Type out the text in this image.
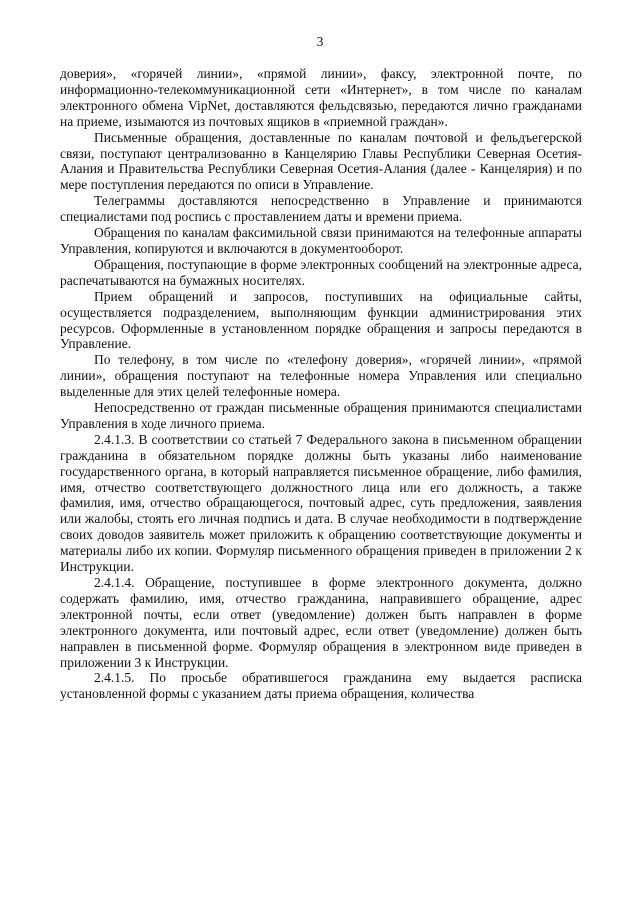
3

доверия», «горячей линии», «прямой линии», факсу, электронной почте, по информационно-телекоммуникационной сети «Интернет», в том числе по каналам электронного обмена VipNet, доставляются фельдсвязью, передаются лично гражданами на приеме, изымаются из почтовых ящиков в «приемной граждан».

Письменные обращения, доставленные по каналам почтовой и фельдъегерской связи, поступают централизованно в Канцелярию Главы Республики Северная Осетия-Алания и Правительства Республики Северная Осетия-Алания (далее - Канцелярия) и по мере поступления передаются по описи в Управление.

Телеграммы доставляются непосредственно в Управление и принимаются специалистами под роспись с проставлением даты и времени приема.

Обращения по каналам факсимильной связи принимаются на телефонные аппараты Управления, копируются и включаются в документооборот.

Обращения, поступающие в форме электронных сообщений на электронные адреса, распечатываются на бумажных носителях.

Прием обращений и запросов, поступивших на официальные сайты, осуществляется подразделением, выполняющим функции администрирования этих ресурсов. Оформленные в установленном порядке обращения и запросы передаются в Управление.

По телефону, в том числе по «телефону доверия», «горячей линии», «прямой линии», обращения поступают на телефонные номера Управления или специально выделенные для этих целей телефонные номера.

Непосредственно от граждан письменные обращения принимаются специалистами Управления в ходе личного приема.

2.4.1.3. В соответствии со статьей 7 Федерального закона в письменном обращении гражданина в обязательном порядке должны быть указаны либо наименование государственного органа, в который направляется письменное обращение, либо фамилия, имя, отчество соответствующего должностного лица или его должность, а также фамилия, имя, отчество обращающегося, почтовый адрес, суть предложения, заявления или жалобы, стоять его личная подпись и дата. В случае необходимости в подтверждение своих доводов заявитель может приложить к обращению соответствующие документы и материалы либо их копии. Формуляр письменного обращения приведен в приложении 2 к Инструкции.

2.4.1.4. Обращение, поступившее в форме электронного документа, должно содержать фамилию, имя, отчество гражданина, направившего обращение, адрес электронной почты, если ответ (уведомление) должен быть направлен в форме электронного документа, или почтовый адрес, если ответ (уведомление) должен быть направлен в письменной форме. Формуляр обращения в электронном виде приведен в приложении 3 к Инструкции.

2.4.1.5. По просьбе обратившегося гражданина ему выдается расписка установленной формы с указанием даты приема обращения, количества
